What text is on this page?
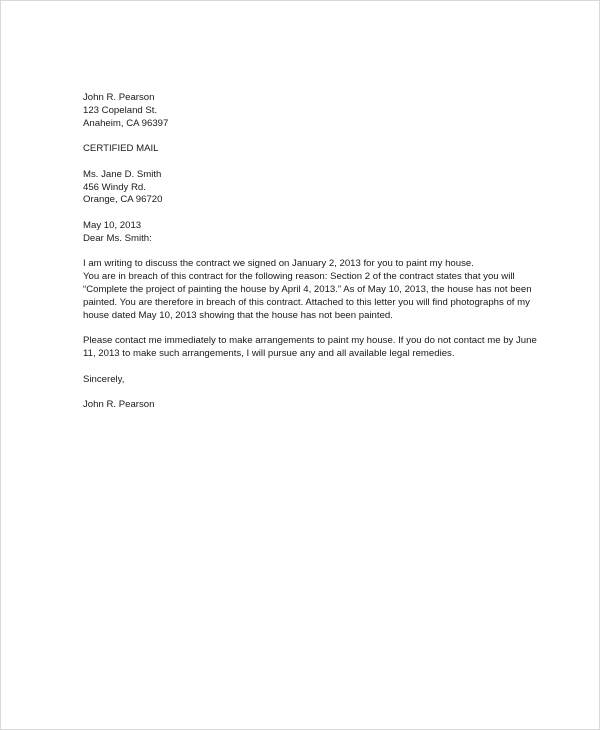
John R. Pearson
123 Copeland St.
Anaheim, CA 96397
CERTIFIED MAIL
Ms. Jane D. Smith
456 Windy Rd.
Orange, CA 96720
May 10, 2013
Dear Ms. Smith:
I am writing to discuss the contract we signed on January 2, 2013 for you to paint my house.
You are in breach of this contract for the following reason: Section 2 of the contract states that you will
“Complete the project of painting the house by April 4, 2013.” As of May 10, 2013, the house has not been
painted. You are therefore in breach of this contract. Attached to this letter you will find photographs of my
house dated May 10, 2013 showing that the house has not been painted.
Please contact me immediately to make arrangements to paint my house. If you do not contact me by June
11, 2013 to make such arrangements, I will pursue any and all available legal remedies.
Sincerely,
John R. Pearson
